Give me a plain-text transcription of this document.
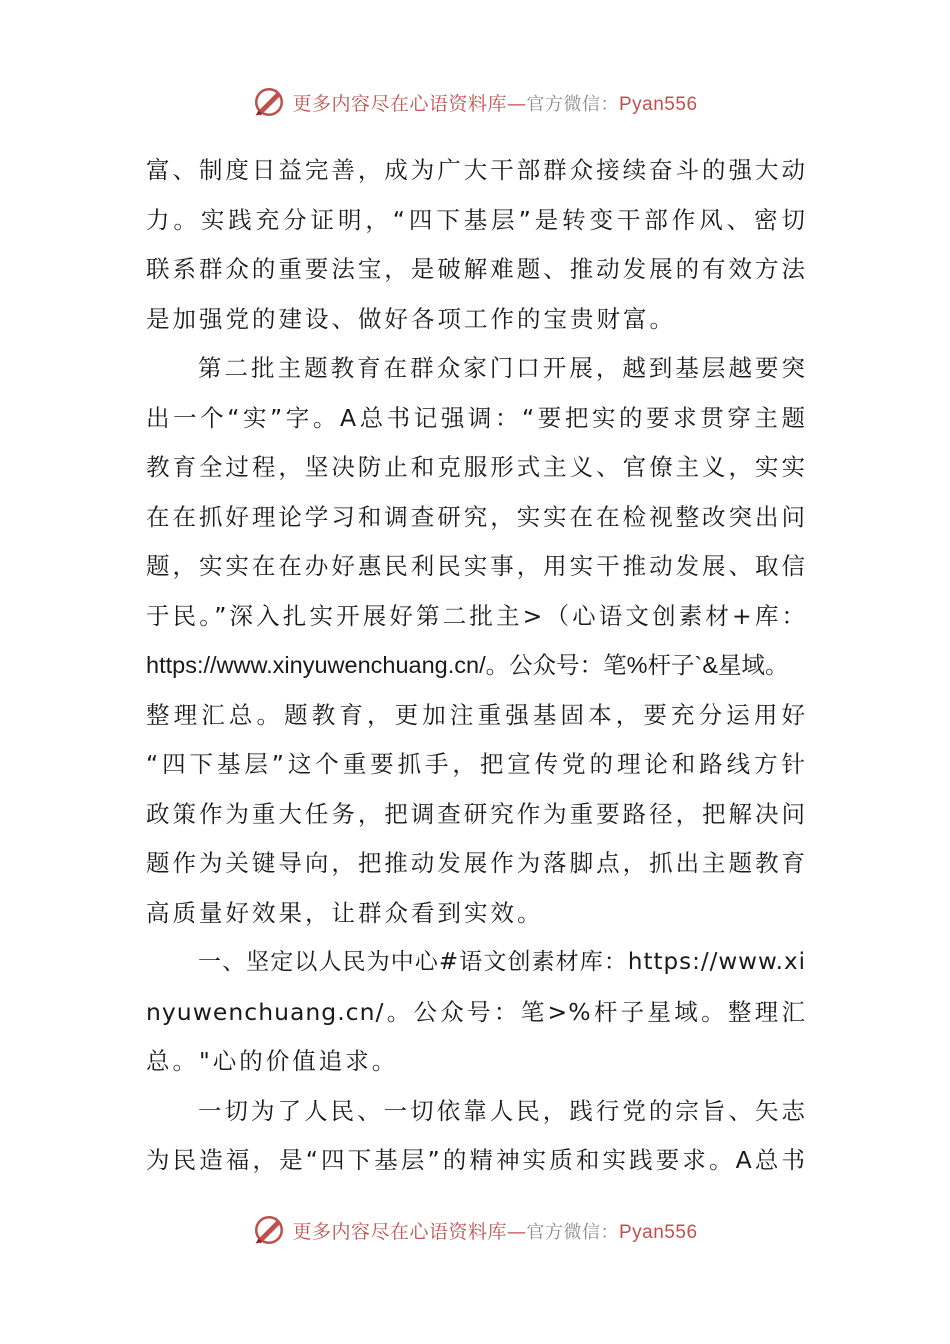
更多内容尽在心语资料库—官方微信：Pyan556
富、制度日益完善，成为广大干部群众接续奋斗的强大动
力。实践充分证明，“四下基层”是转变干部作风、密切
联系群众的重要法宝，是破解难题、推动发展的有效方法
是加强党的建设、做好各项工作的宝贵财富。
第二批主题教育在群众家门口开展，越到基层越要突
出一个“实”字。A总书记强调：“要把实的要求贯穿主题
教育全过程，坚决防止和克服形式主义、官僚主义，实实
在在抓好理论学习和调查研究，实实在在检视整改突出问
题，实实在在办好惠民利民实事，用实干推动发展、取信
于民。”深入扎实开展好第二批主>（心语文创素材+库：
https://www.xinyuwenchuang.cn/。公众号：笔%杆子`&星域。
整理汇总。题教育，更加注重强基固本，要充分运用好
“四下基层”这个重要抓手，把宣传党的理论和路线方针
政策作为重大任务，把调查研究作为重要路径，把解决问
题作为关键导向，把推动发展作为落脚点，抓出主题教育
高质量好效果，让群众看到实效。
一、坚定以人民为中心#语文创素材库：https://www.xi
nyuwenchuang.cn/。公众号：笔>%杆子星域。整理汇
总。"心的价值追求。
一切为了人民、一切依靠人民，践行党的宗旨、矢志
为民造福，是“四下基层”的精神实质和实践要求。A总书
更多内容尽在心语资料库—官方微信：Pyan556
